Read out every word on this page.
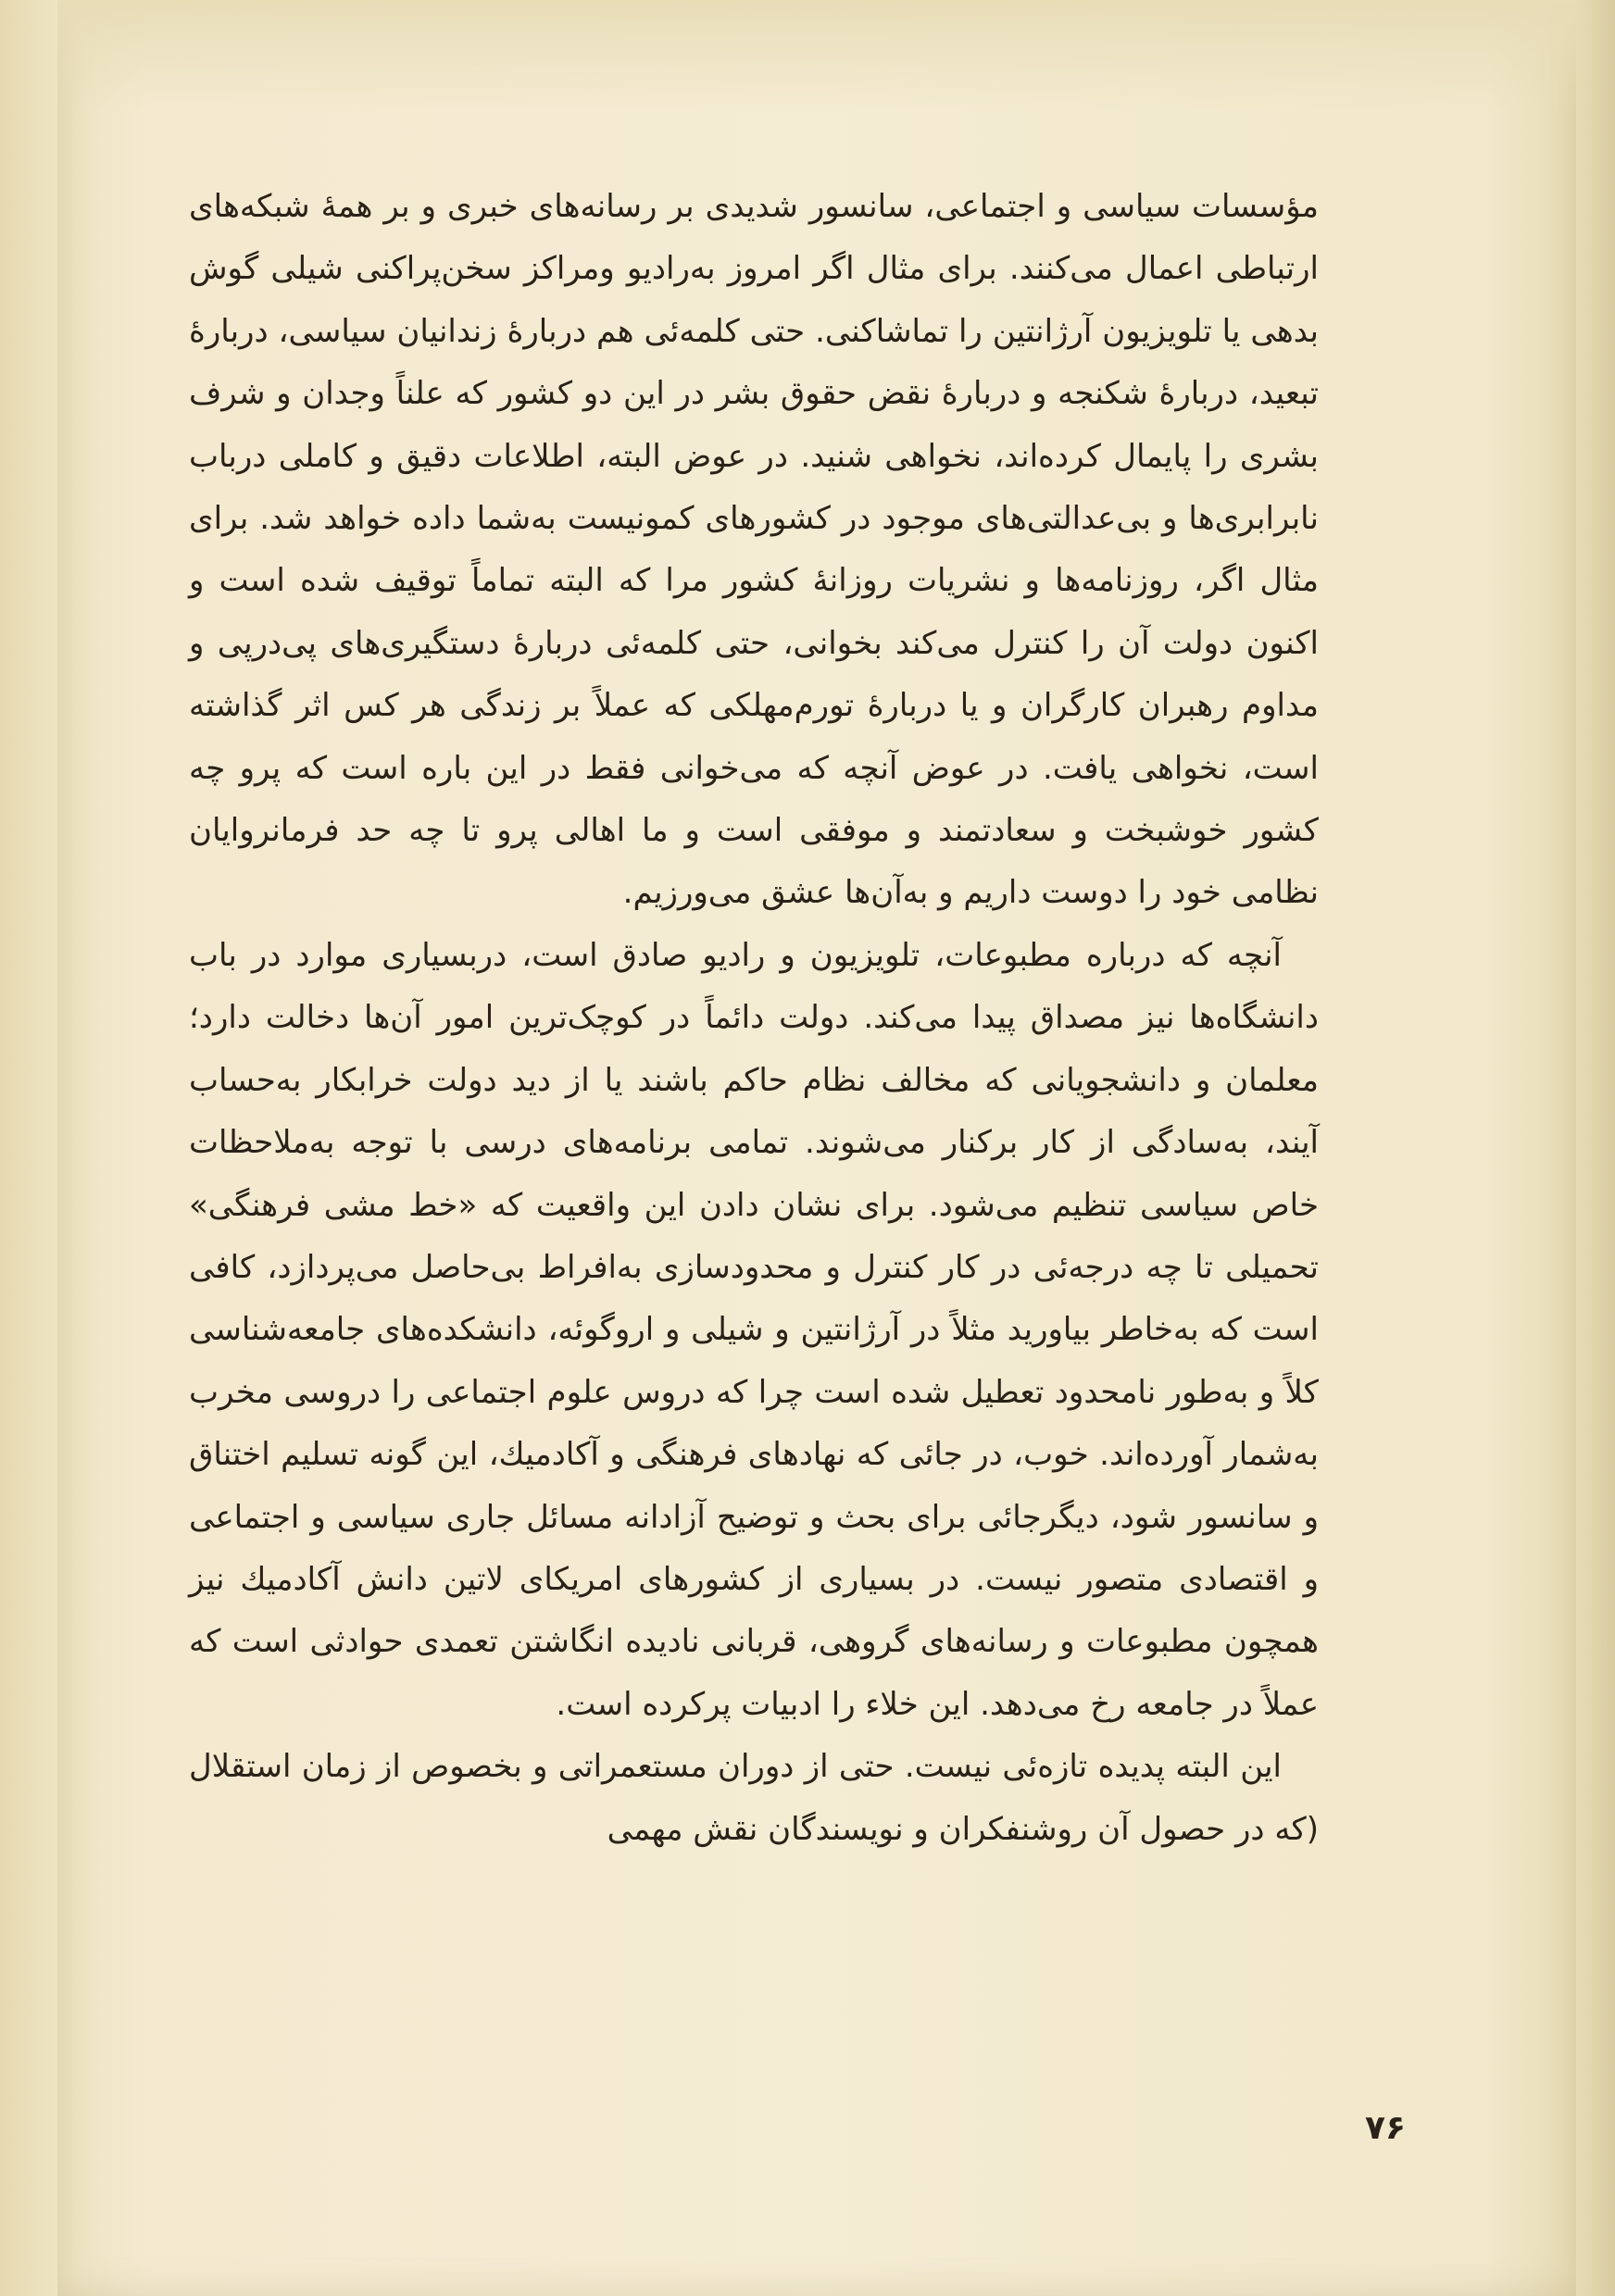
مؤسسات سیاسی و اجتماعی، سانسور شدیدی بر رسانه‌های خبری و بر همهٔ شبکه‌های ارتباطی اعمال می‌کنند. برای مثال اگر امروز به‌رادیو و‌مراکز سخن‌پراکنی شیلی گوش بدهی یا تلویزیون آرژانتین را تماشاکنی. حتی کلمه‌ئی هم دربارهٔ زندانیان سیاسی، دربارهٔ تبعید، دربارهٔ شکنجه و دربارهٔ نقض حقوق بشر در این دو کشور که علناً وجدان و شرف بشری را پایمال کرده‌اند، نخواهی شنید. در عوض البته، اطلاعات دقیق و کاملی درباب نابرابری‌ها و بی‌عدالتی‌های موجود در کشورهای کمونیست به‌شما داده خواهد شد. برای مثال اگر، روزنامه‌ها و نشریات روزانهٔ کشور مرا که البته تماماً توقیف شده است و اکنون دولت آن را کنترل می‌کند بخوانی، حتی کلمه‌ئی دربارهٔ دستگیری‌های پی‌درپی و مداوم رهبران کارگران و یا دربارهٔ تورم‌مهلکی که عملاً بر زندگی هر کس اثر گذاشته است، نخواهی یافت. در عوض آنچه که می‌خوانی فقط در این باره است که پرو چه کشور خوشبخت و سعادتمند و موفقی است و ما اهالی پرو تا چه حد فرمانروایان نظامی خود را دوست داریم و به‌آن‌ها عشق می‌ورزیم.

آنچه که درباره مطبوعات، تلویزیون و رادیو صادق است، دربسیاری موارد در باب دانشگاه‌ها نیز مصداق پیدا می‌کند. دولت دائماً در کوچک‌ترین امور آن‌ها دخالت دارد؛ معلمان و دانشجویانی که مخالف نظام حاکم باشند یا از دید دولت خرابکار به‌حساب آیند، به‌سادگی از کار برکنار می‌شوند. تمامی برنامه‌های درسی با توجه به‌ملاحظات خاص سیاسی تنظیم می‌شود. برای نشان دادن این واقعیت که «خط مشی فرهنگی» تحمیلی تا چه درجه‌ئی در کار کنترل و محدودسازی به‌افراط بی‌حاصل می‌پردازد، کافی است که به‌خاطر بیاورید مثلاً در آرژانتین و شیلی و اروگوئه، دانشکده‌های جامعه‌شناسی کلاً و به‌طور نامحدود تعطیل شده است چرا که دروس علوم اجتماعی را دروسی مخرب به‌شمار آورده‌اند. خوب، در جائی که نهادهای فرهنگی و آکادمیك، این گونه تسلیم اختناق و سانسور شود، دیگرجائی برای بحث و توضیح آزادانه مسائل جاری سیاسی و اجتماعی و اقتصادی متصور نیست. در بسیاری از کشورهای امریکای لاتین دانش آکادمیك نیز همچون مطبوعات و رسانه‌های گروهی، قربانی نادیده انگاشتن تعمدی حوادثی است که عملاً در جامعه رخ می‌دهد. این خلاء را ادبیات پرکرده است.

این البته پدیده تازه‌ئی نیست. حتی از دوران مستعمراتی و بخصوص از زمان استقلال (که در حصول آن روشنفکران و نویسندگان نقش مهمی

۷۶
